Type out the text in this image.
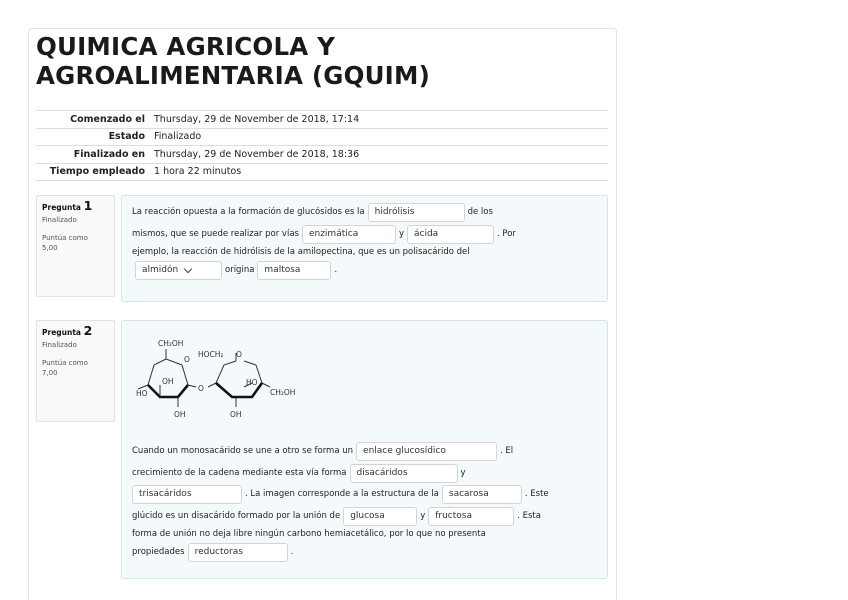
QUIMICA AGRICOLA Y AGROALIMENTARIA (GQUIM)
Comenzado el	Thursday, 29 de November de 2018, 17:14
Estado	Finalizado
Finalizado en	Thursday, 29 de November de 2018, 18:36
Tiempo empleado	1 hora 22 minutos
Pregunta 1
Finalizado
Puntúa como
5,00
La reacción opuesta a la formación de glucósidos es la	hidrólisis	de los
mismos, que se puede realizar por vías	enzimática	y	ácida	. Por
ejemplo, la reacción de hidrólisis de la amilopectina, que es un polisacárido del
almidón	origina	maltosa	.
Pregunta 2
Finalizado
Puntúa como
7,00
CH₂OH
O
OH
HO
OH
O
HOCH₂ O
HO
CH₂OH
OH
Cuando un monosacárido se une a otro se forma un	enlace glucosídico	. El
crecimiento de la cadena mediante esta vía forma	disacáridos	y
trisacáridos	. La imagen corresponde a la estructura de la	sacarosa	. Este
glúcido es un disacárido formado por la unión de	glucosa	y	fructosa	. Esta
forma de unión no deja libre ningún carbono hemiacetálico, por lo que no presenta
propiedades	reductoras	.
